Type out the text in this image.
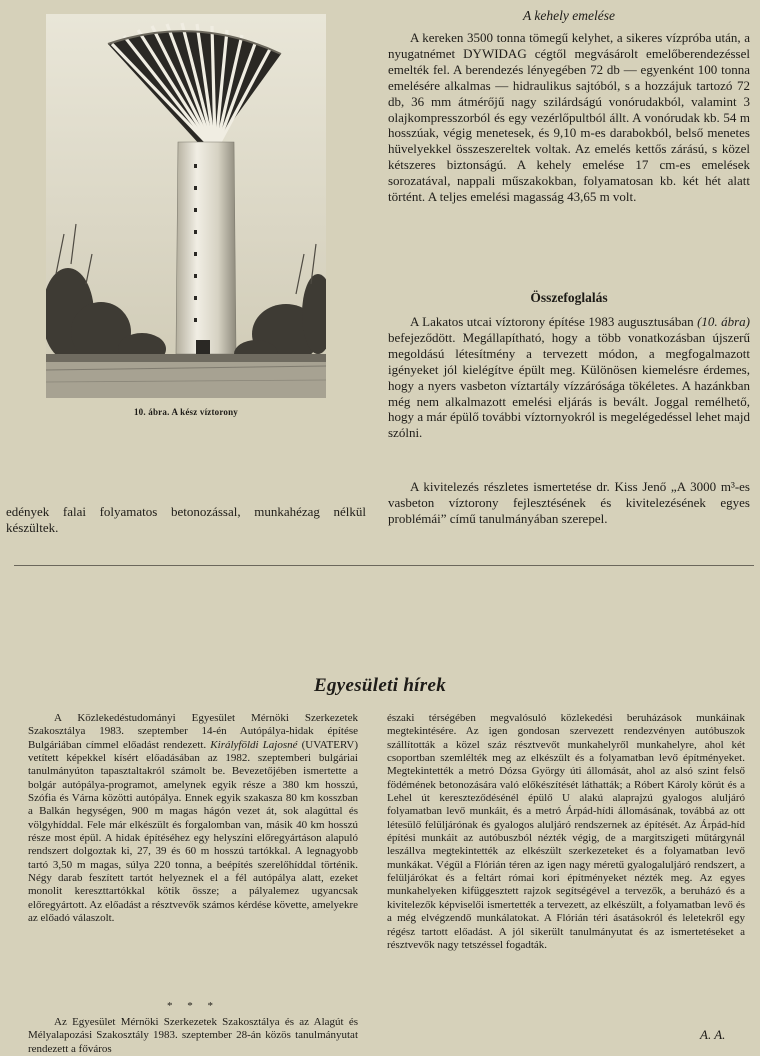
10. ábra. A kész víztorony
A kehely emelése

A kereken 3500 tonna tömegű kelyhet, a sikeres vízpróba után, a nyugatnémet DYWIDAG cégtől megvásárolt emelőberendezéssel emelték fel. A berendezés lényegében 72 db — egyenként 100 tonna emelésére alkalmas — hidraulikus sajtóból, s a hozzájuk tartozó 72 db, 36 mm átmérőjű nagy szilárdságú vonórudakból, valamint 3 olajkompresszorból és egy vezérlőpultból állt. A vonórudak kb. 54 m hosszúak, végig menetesek, és 9,10 m-es darabokból, belső menetes hüvelyekkel összeszereltek voltak. Az emelés kettős zárású, s közel kétszeres biztonságú. A kehely emelése 17 cm-es emelések sorozatával, nappali műszakokban, folyamatosan kb. két hét alatt történt. A teljes emelési magasság 43,65 m volt.

Összefoglalás

A Lakatos utcai víztorony építése 1983 augusztusában (10. ábra) befejeződött. Megállapítható, hogy a több vonatkozásban újszerű megoldású létesítmény a tervezett módon, a megfogalmazott igényeket jól kielégítve épült meg. Különösen kiemelésre érdemes, hogy a nyers vasbeton víztartály vízzárósága tökéletes. A hazánkban még nem alkalmazott emelési eljárás is bevált. Joggal remélhető, hogy a már épülő további víztornyokról is megelégedéssel lehet majd szólni.

A kivitelezés részletes ismertetése dr. Kiss Jenő „A 3000 m³-es vasbeton víztorony fejlesztésének és kivitelezésének egyes problémái” című tanulmányában szerepel.

edények falai folyamatos betonozással, munkahézag nélkül készültek.

Egyesületi hírek

A Közlekedéstudományi Egyesület Mérnöki Szerkezetek Szakosztálya 1983. szeptember 14-én Autópálya-hidak építése Bulgáriában címmel előadást rendezett. Királyföldi Lajosné (UVATERV) vetített képekkel kísért előadásában az 1982. szeptemberi bulgáriai tanulmányúton tapasztaltakról számolt be. Bevezetőjében ismertette a bolgár autópálya-programot, amelynek egyik része a 380 km hosszú, Szófia és Várna közötti autópálya. Ennek egyik szakasza 80 km kosszban a Balkán hegységen, 900 m magas hágón vezet át, sok alagúttal és völgyhíddal. Fele már elkészült és forgalomban van, másik 40 km hosszú része most épül. A hidak építéséhez egy helyszíni előregyártáson alapuló rendszert dolgoztak ki, 27, 39 és 60 m hosszú tartókkal. A legnagyobb tartó 3,50 m magas, súlya 220 tonna, a beépítés szerelőhíddal történik. Négy darab feszített tartót helyeznek el a fél autópálya alatt, ezeket monolit kereszttartókkal kötik össze; a pályalemez ugyancsak előregyártott. Az előadást a résztvevők számos kérdése követte, amelyekre az előadó válaszolt.

* * *

Az Egyesület Mérnöki Szerkezetek Szakosztálya és az Alagút és Mélyalapozási Szakosztály 1983. szeptember 28-án közös tanulmányutat rendezett a főváros

északi térségében megvalósuló közlekedési beruházások munkáinak megtekintésére. Az igen gondosan szervezett rendezvényen autóbuszok szállították a közel száz résztvevőt munkahelyről munkahelyre, ahol két csoportban szemlélték meg az elkészült és a folyamatban levő építményeket. Megtekintették a metró Dózsa György úti állomását, ahol az alsó szint felső födémének betonozására való előkészítését láthatták; a Róbert Károly körút és a Lehel út kereszteződésénél épülő U alakú alaprajzú gyalogos aluljáró folyamatban levő munkáit, és a metró Árpád-hídi állomásának, továbbá az ott létesülő felüljárónak és gyalogos aluljáró rendszernek az építését. Az Árpád-híd építési munkáit az autóbuszból nézték végig, de a margitszigeti műtárgynál leszállva megtekintették az elkészült szerkezeteket és a folyamatban levő munkákat. Végül a Flórián téren az igen nagy méretű gyalogaluljáró rendszert, a felüljárókat és a feltárt római kori építményeket nézték meg. Az egyes munkahelyeken kifüggesztett rajzok segítségével a tervezők, a beruházó és a kivitelezők képviselői ismertették a tervezett, az elkészült, a folyamatban levő és a még elvégzendő munkálatokat. A Flórián téri ásatásokról és leletekről egy régész tartott előadást. A jól sikerült tanulmányutat és az ismertetéseket a résztvevők nagy tetszéssel fogadták.

A. A.
